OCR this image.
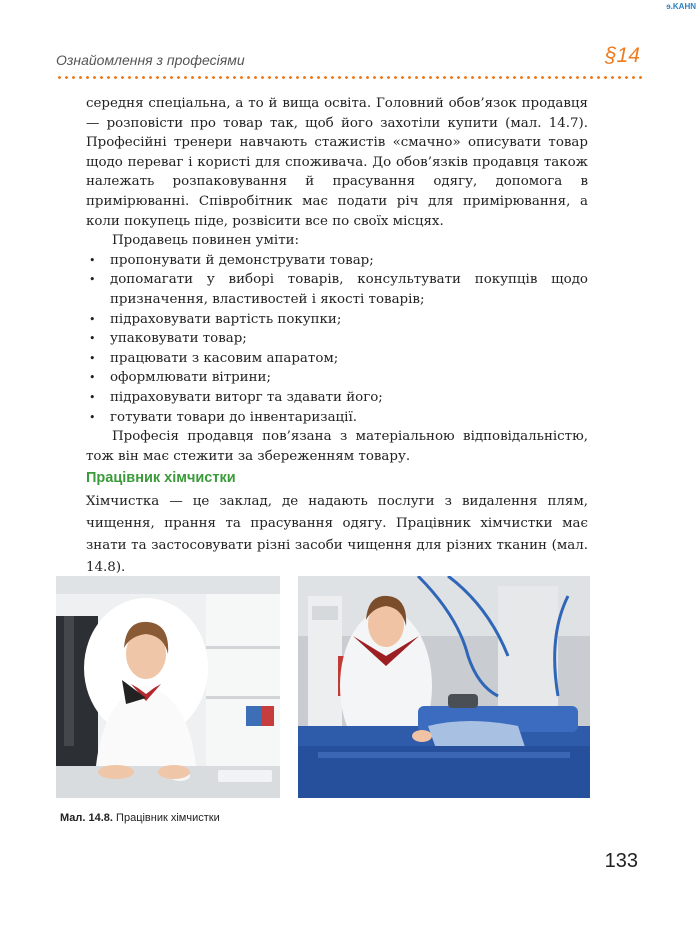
ɘ.KAHN
Ознайомлення з професіями	§14

середня спеціальна, а то й вища освіта. Головний обов’язок продавця — розповісти про товар так, щоб його захотіли купити (мал. 14.7). Професійні тренери навчають стажистів «смачно» описувати товар щодо переваг і користі для споживача. До обов’язків продавця також належать розпаковування й прасування одягу, допомога в примірюванні. Співробітник має подати річ для примірювання, а коли покупець піде, розвісити все по своїх місцях.

Продавець повинен уміти:

• пропонувати й демонструвати товар;
• допомагати у виборі товарів, консультувати покупців щодо призначення, властивостей і якості товарів;
• підраховувати вартість покупки;
• упаковувати товар;
• працювати з касовим апаратом;
• оформлювати вітрини;
• підраховувати виторг та здавати його;
• готувати товари до інвентаризації.

Професія продавця пов’язана з матеріальною відповідальністю, тож він має стежити за збереженням товару.

Працівник хімчистки

Хімчистка — це заклад, де надають послуги з видалення плям, чищення, прання та прасування одягу. Працівник хімчистки має знати та застосовувати різні засоби чищення для різних тканин (мал. 14.8).

Мал. 14.8. Працівник хімчистки
133
